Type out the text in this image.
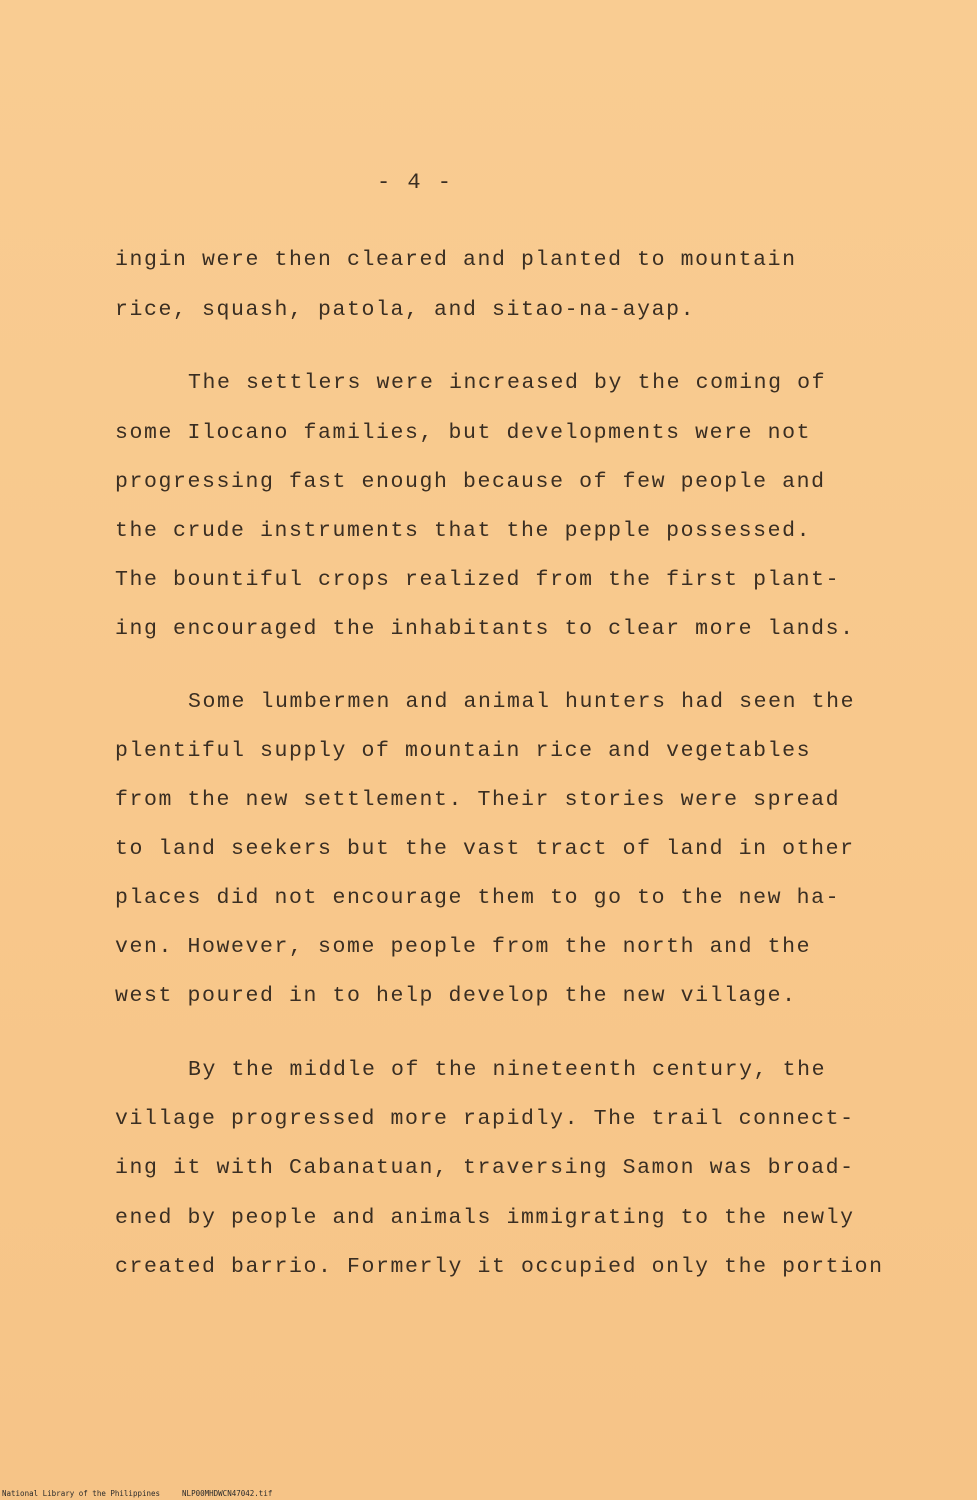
- 4 -
ingin were then cleared and planted to mountain
rice, squash, patola, and sitao-na-ayap.
The settlers were increased by the coming of
some Ilocano families, but developments were not
progressing fast enough because of few people and
the crude instruments that the pepple possessed.
The bountiful crops realized from the first plant-
ing encouraged the inhabitants to clear more lands.
Some lumbermen and animal hunters had seen the
plentiful supply of mountain rice and vegetables
from the new settlement. Their stories were spread
to land seekers but the vast tract of land in other
places did not encourage them to go to the new ha-
ven. However, some people from the north and the
west poured in to help develop the new village.
By the middle of the nineteenth century, the
village progressed more rapidly. The trail connect-
ing it with Cabanatuan, traversing Samon was broad-
ened by people and animals immigrating to the newly
created barrio. Formerly it occupied only the portion
National Library of the Philippines	NLP00MHDWCN47042.tif
